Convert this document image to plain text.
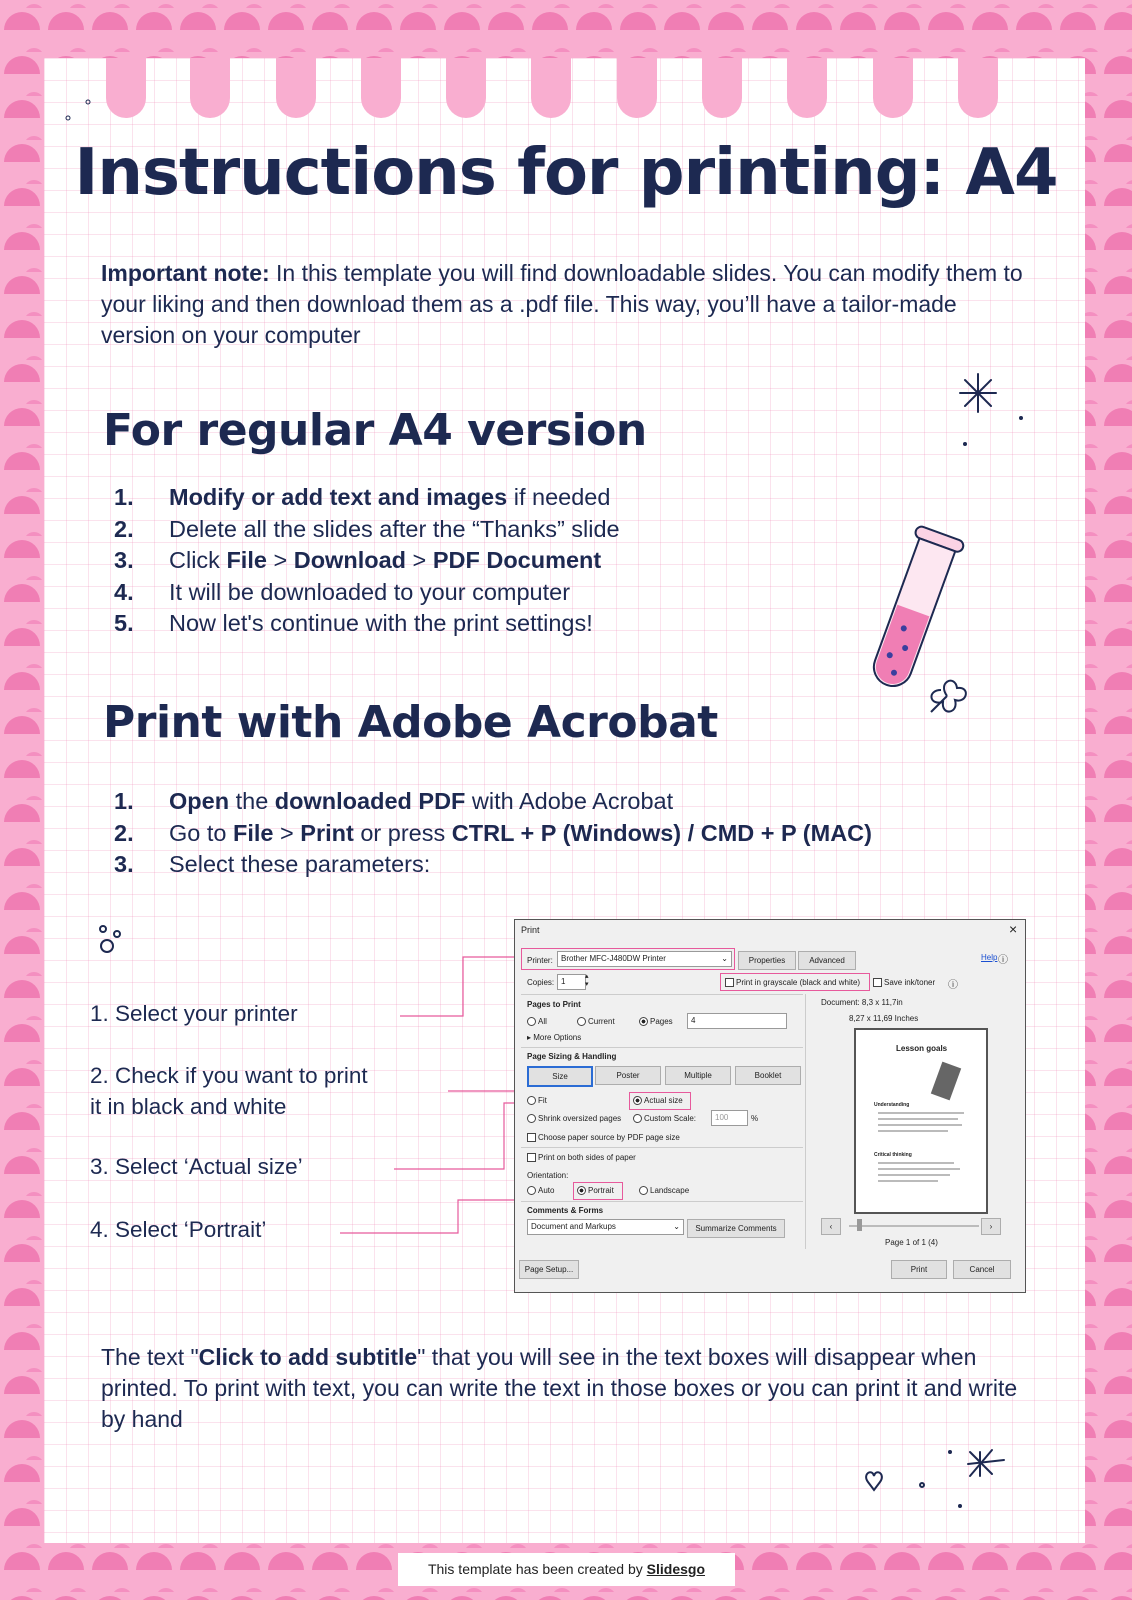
Instructions for printing: A4
Important note: In this template you will find downloadable slides. You can modify them to your liking and then download them as a .pdf file. This way, you’ll have a tailor-made version on your computer
For regular A4 version
1.	Modify or add text and images if needed
2.	Delete all the slides after the “Thanks” slide
3.	Click File > Download > PDF Document
4.	It will be downloaded to your computer
5.	Now let's continue with the print settings!
Print with Adobe Acrobat
1.	Open the downloaded PDF with Adobe Acrobat
2.	Go to File > Print or press CTRL + P (Windows) / CMD + P (MAC)
3.	Select these parameters:
1. Select your printer
2. Check if you want to print
it in black and white
3. Select ‘Actual size’
4. Select ‘Portrait’
Print	×
Printer:	Brother MFC-J480DW Printer	⌄	Properties	Advanced	Help ⓘ
Copies: 1
▴
▾	Print in grayscale (black and white)	Save ink/toner ⓘ
Pages to Print
All	Current	Pages	4
▸ More Options
Page Sizing & Handling
Size	Poster	Multiple	Booklet
Fit	Actual size
Shrink oversized pages	Custom Scale:	100	%
Choose paper source by PDF page size
Print on both sides of paper
Orientation:
Auto	Portrait	Landscape
Comments & Forms
Document and Markups	⌄	Summarize Comments
Document: 8,3 x 11,7in
8,27 x 11,69 Inches
Lesson goals
Understanding
Critical thinking
‹	›
Page 1 of 1 (4)
Page Setup...	Print	Cancel
The text "Click to add subtitle" that you will see in the text boxes will disappear when printed. To print with text, you can write the text in those boxes or you can print it and write by hand
This template has been created by Slidesgo
